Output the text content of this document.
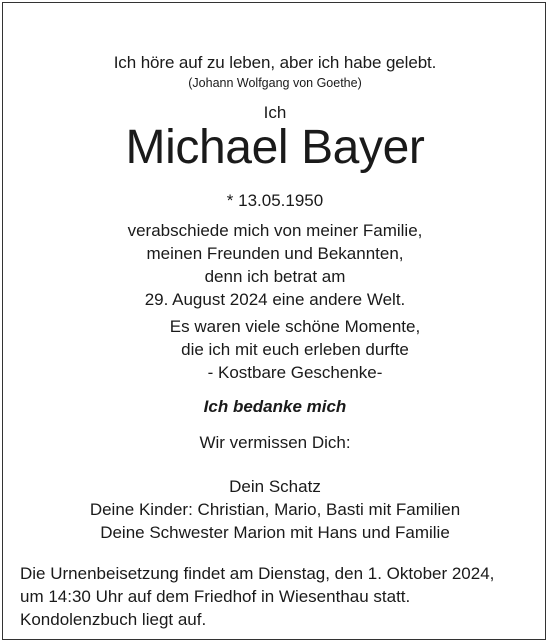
Ich höre auf zu leben, aber ich habe gelebt.
(Johann Wolfgang von Goethe)
Ich
Michael Bayer
* 13.05.1950
verabschiede mich von meiner Familie,
meinen Freunden und Bekannten,
denn ich betrat am
29. August 2024 eine andere Welt.
Es waren viele schöne Momente,
die ich mit euch erleben durfte
- Kostbare Geschenke-
Ich bedanke mich
Wir vermissen Dich:
Dein Schatz
Deine Kinder: Christian, Mario, Basti mit Familien
Deine Schwester Marion mit Hans und Familie
Die Urnenbeisetzung findet am Dienstag, den 1. Oktober 2024,
um 14:30 Uhr auf dem Friedhof in Wiesenthau statt.
Kondolenzbuch liegt auf.
